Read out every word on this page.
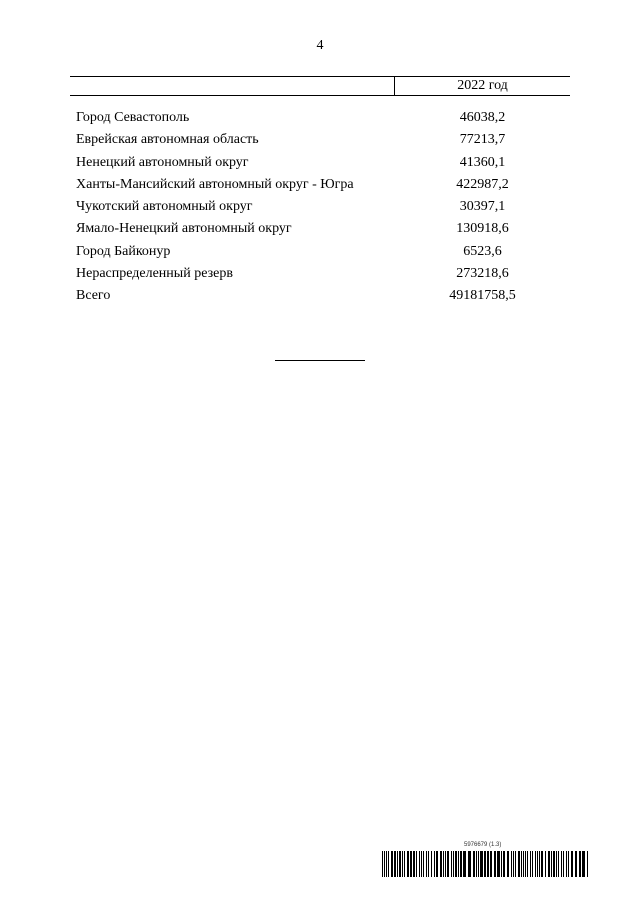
4
2022 год
Город Севастополь	46038,2
Еврейская автономная область	77213,7
Ненецкий автономный округ	41360,1
Ханты-Мансийский автономный округ - Югра	422987,2
Чукотский автономный округ	30397,1
Ямало-Ненецкий автономный округ	130918,6
Город Байконур	6523,6
Нераспределенный резерв	273218,6
Всего	49181758,5
5976679 (1.3)
